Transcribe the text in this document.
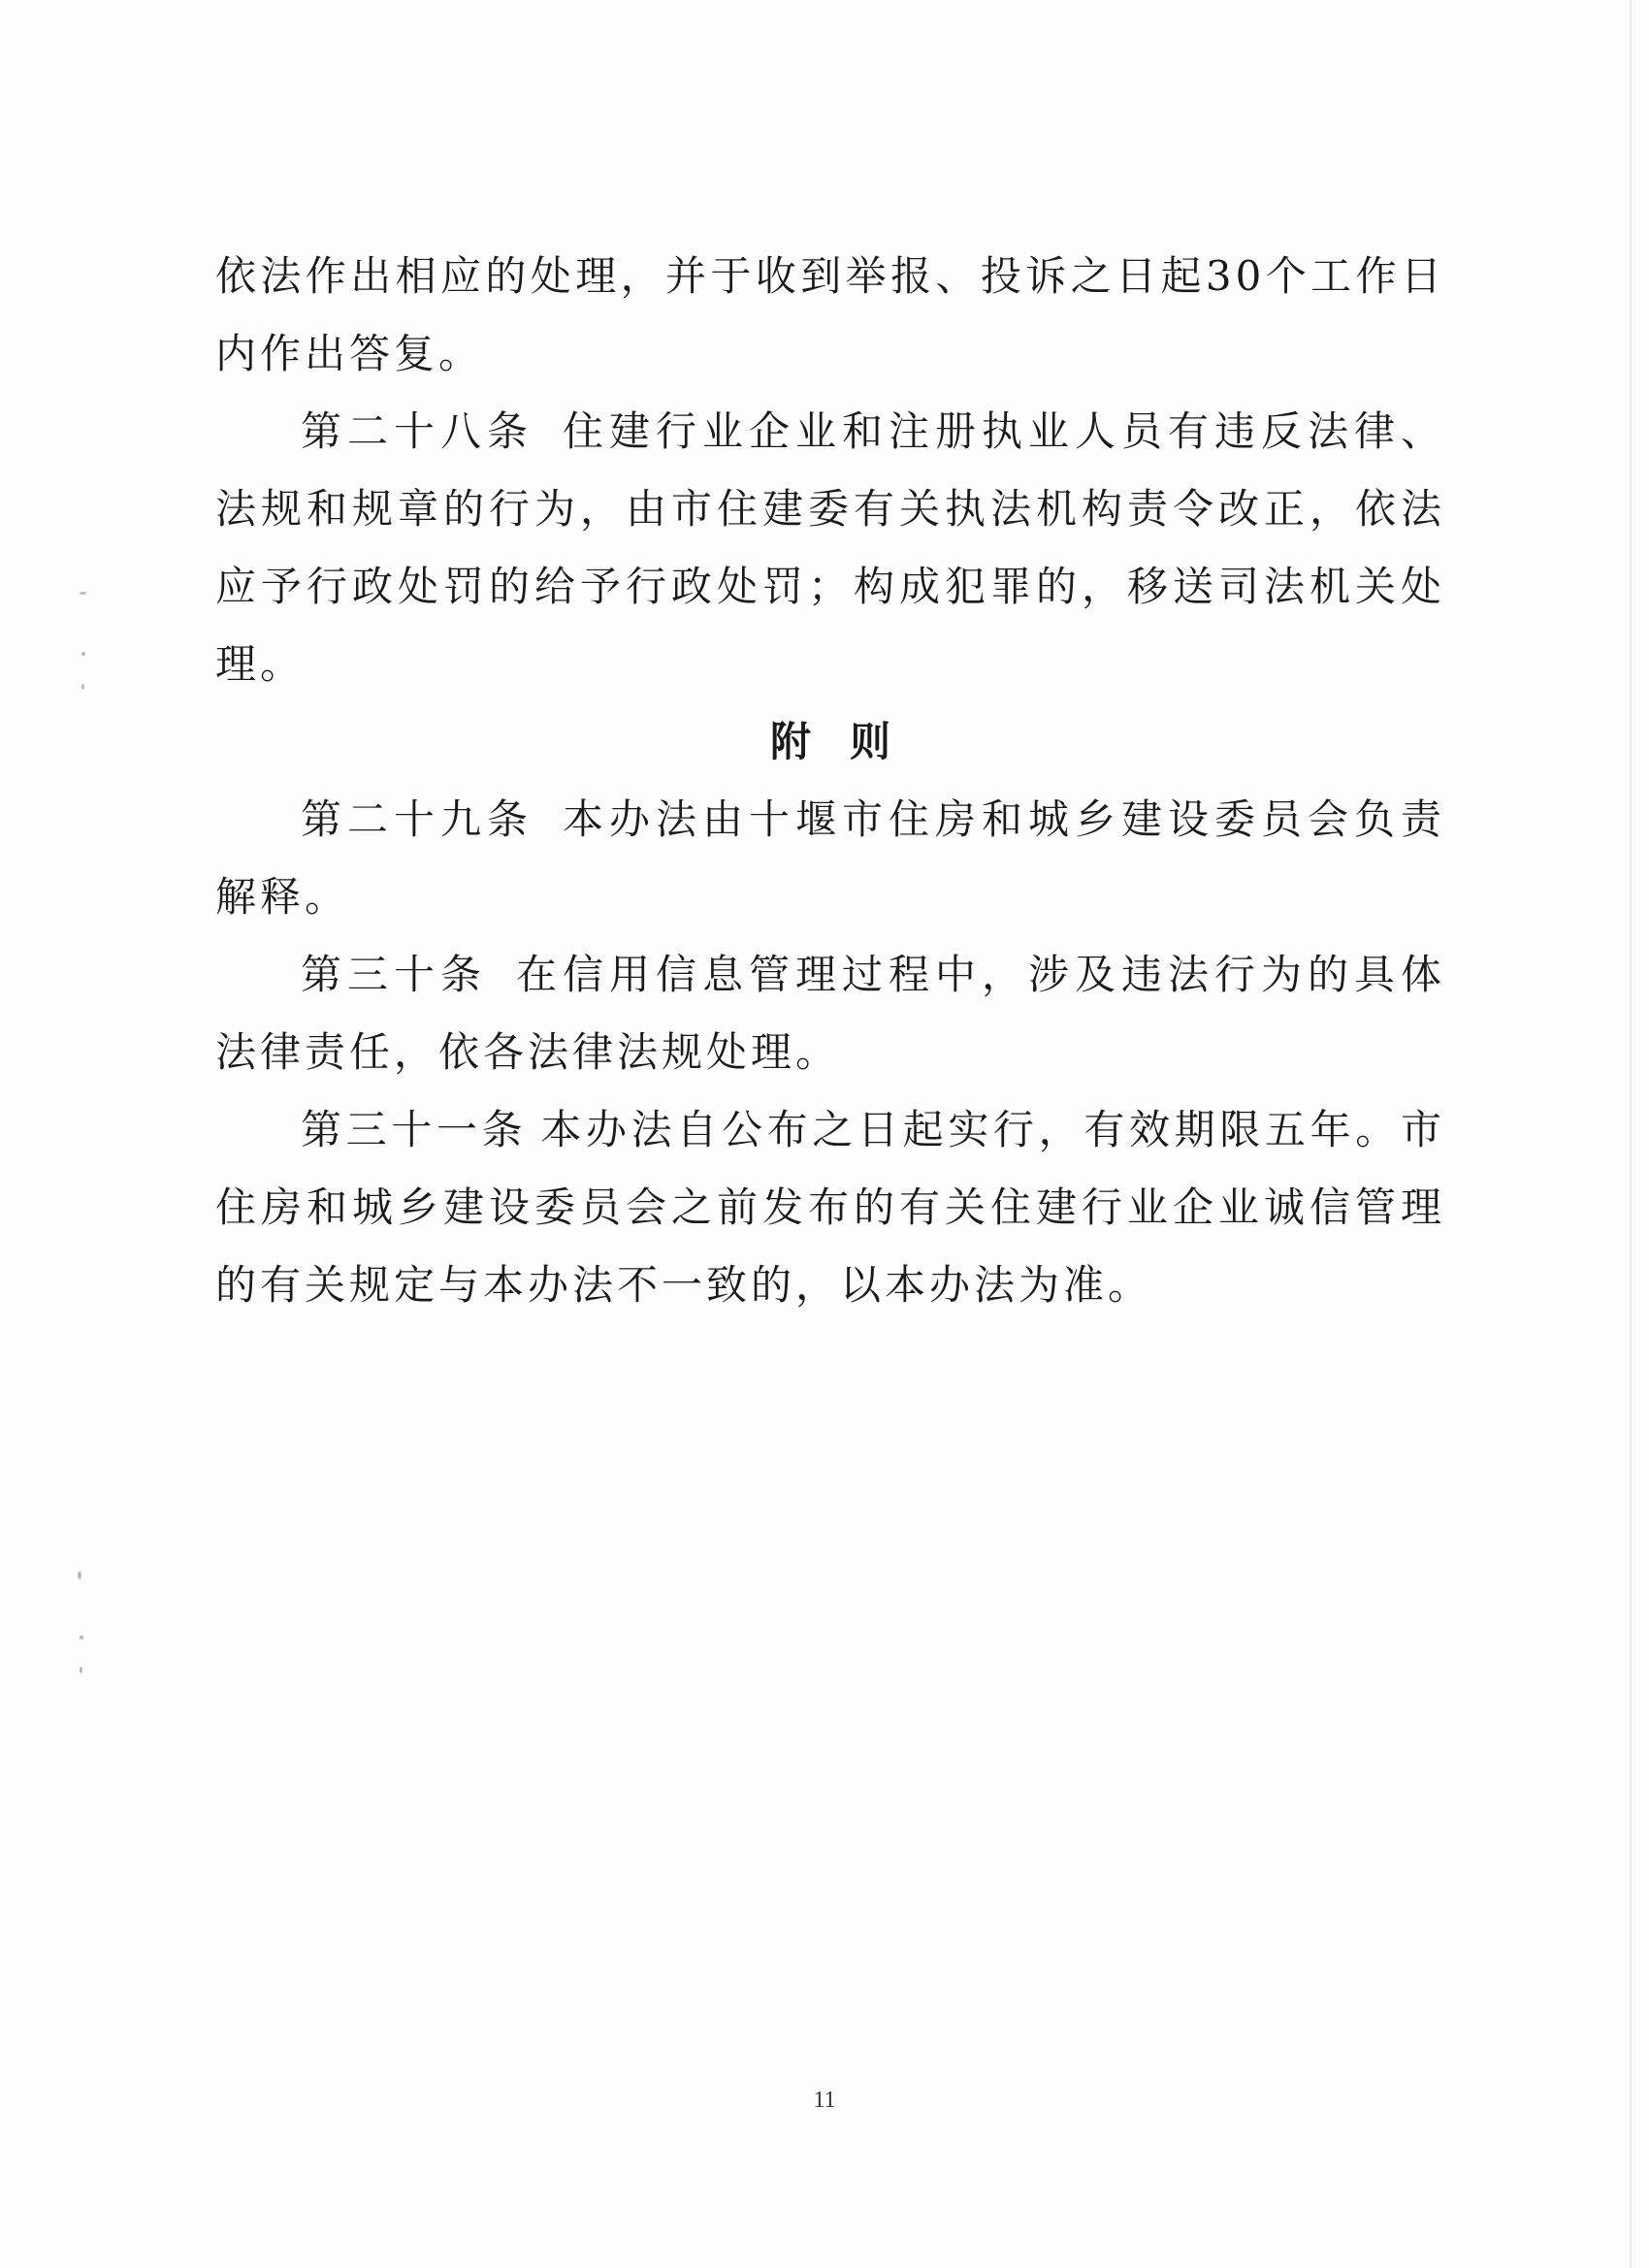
依法作出相应的处理，并于收到举报、投诉之日起30个工作日内作出答复。

第二十八条 住建行业企业和注册执业人员有违反法律、法规和规章的行为，由市住建委有关执法机构责令改正，依法应予行政处罚的给予行政处罚；构成犯罪的，移送司法机关处理。

附则

第二十九条 本办法由十堰市住房和城乡建设委员会负责解释。

第三十条 在信用信息管理过程中，涉及违法行为的具体法律责任，依各法律法规处理。

第三十一条 本办法自公布之日起实行，有效期限五年。市住房和城乡建设委员会之前发布的有关住建行业企业诚信管理的有关规定与本办法不一致的，以本办法为准。

11
